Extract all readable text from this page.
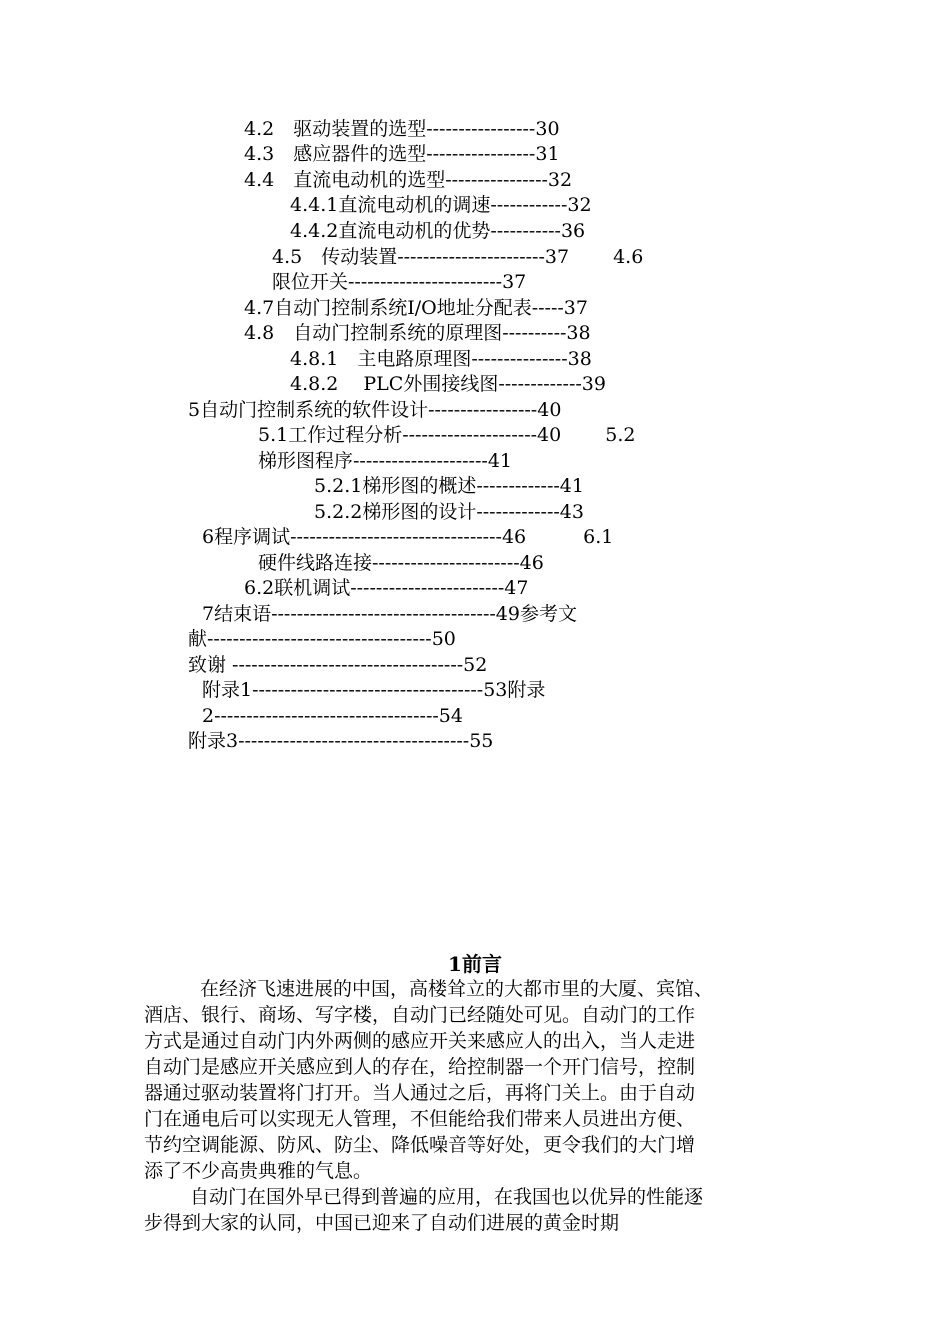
4.2　驱动装置的选型-----------------30

4.3　感应器件的选型-----------------31

4.4　直流电动机的选型----------------32

4.4.1直流电动机的调速------------32

4.4.2直流电动机的优势-----------36

4.5　传动装置-----------------------37　　 4.6

限位开关------------------------37

4.7自动门控制系统I/O地址分配表-----37

4.8　自动门控制系统的原理图----------38

4.8.1　主电路原理图---------------38

4.8.2　 PLC外围接线图-------------39

5自动门控制系统的软件设计-----------------40

5.1工作过程分析---------------------40　　 5.2

梯形图程序---------------------41

5.2.1梯形图的概述-------------41

5.2.2梯形图的设计-------------43

6程序调试---------------------------------46　　　6.1

硬件线路连接-----------------------46

6.2联机调试------------------------47

7结束语-----------------------------------49参考文

献-----------------------------------50

致谢 ------------------------------------52

附录1------------------------------------53附录

2-----------------------------------54

附录3------------------------------------55

1前言

在经济飞速进展的中国，高楼耸立的大都市里的大厦、宾馆、

酒店、银行、商场、写字楼，自动门已经随处可见。自动门的工作

方式是通过自动门内外两侧的感应开关来感应人的出入，当人走进

自动门是感应开关感应到人的存在，给控制器一个开门信号，控制

器通过驱动装置将门打开。当人通过之后，再将门关上。由于自动

门在通电后可以实现无人管理，不但能给我们带来人员进出方便、

节约空调能源、防风、防尘、降低噪音等好处，更令我们的大门增

添了不少高贵典雅的气息。

自动门在国外早已得到普遍的应用，在我国也以优异的性能逐

步得到大家的认同，中国已迎来了自动们进展的黄金时期
